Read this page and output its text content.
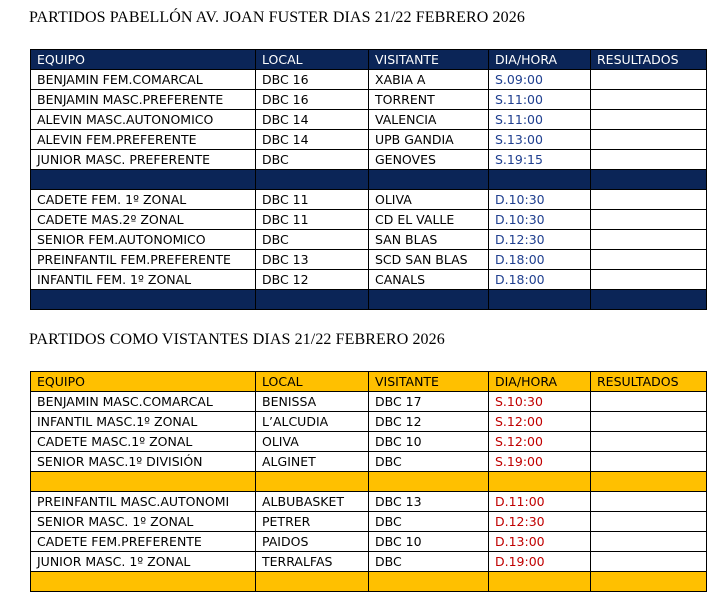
PARTIDOS PABELLÓN AV. JOAN FUSTER DIAS 21/22 FEBRERO 2026
EQUIPO	LOCAL	VISITANTE	DIA/HORA	RESULTADOS
BENJAMIN FEM.COMARCAL	DBC 16	XABIA A	S.09:00	
BENJAMIN MASC.PREFERENTE	DBC 16	TORRENT	S.11:00	
ALEVIN MASC.AUTONOMICO	DBC 14	VALENCIA	S.11:00	
ALEVIN FEM.PREFERENTE	DBC 14	UPB GANDIA	S.13:00	
JUNIOR MASC. PREFERENTE	DBC	GENOVES	S.19:15	

CADETE FEM. 1º ZONAL	DBC 11	OLIVA	D.10:30	
CADETE MAS.2º ZONAL	DBC 11	CD EL VALLE	D.10:30	
SENIOR FEM.AUTONOMICO	DBC	SAN BLAS	D.12:30	
PREINFANTIL FEM.PREFERENTE	DBC 13	SCD SAN BLAS	D.18:00	
INFANTIL FEM. 1º ZONAL	DBC 12	CANALS	D.18:00	

PARTIDOS COMO VISTANTES DIAS 21/22 FEBRERO 2026
EQUIPO	LOCAL	VISITANTE	DIA/HORA	RESULTADOS
BENJAMIN MASC.COMARCAL	BENISSA	DBC 17	S.10:30	
INFANTIL MASC.1º ZONAL	L’ALCUDIA	DBC 12	S.12:00	
CADETE MASC.1º ZONAL	OLIVA	DBC 10	S.12:00	
SENIOR MASC.1º DIVISIÓN	ALGINET	DBC	S.19:00	

PREINFANTIL MASC.AUTONOMI	ALBUBASKET	DBC 13	D.11:00	
SENIOR MASC. 1º ZONAL	PETRER	DBC	D.12:30	
CADETE FEM.PREFERENTE	PAIDOS	DBC 10	D.13:00	
JUNIOR MASC. 1º ZONAL	TERRALFAS	DBC	D.19:00	
